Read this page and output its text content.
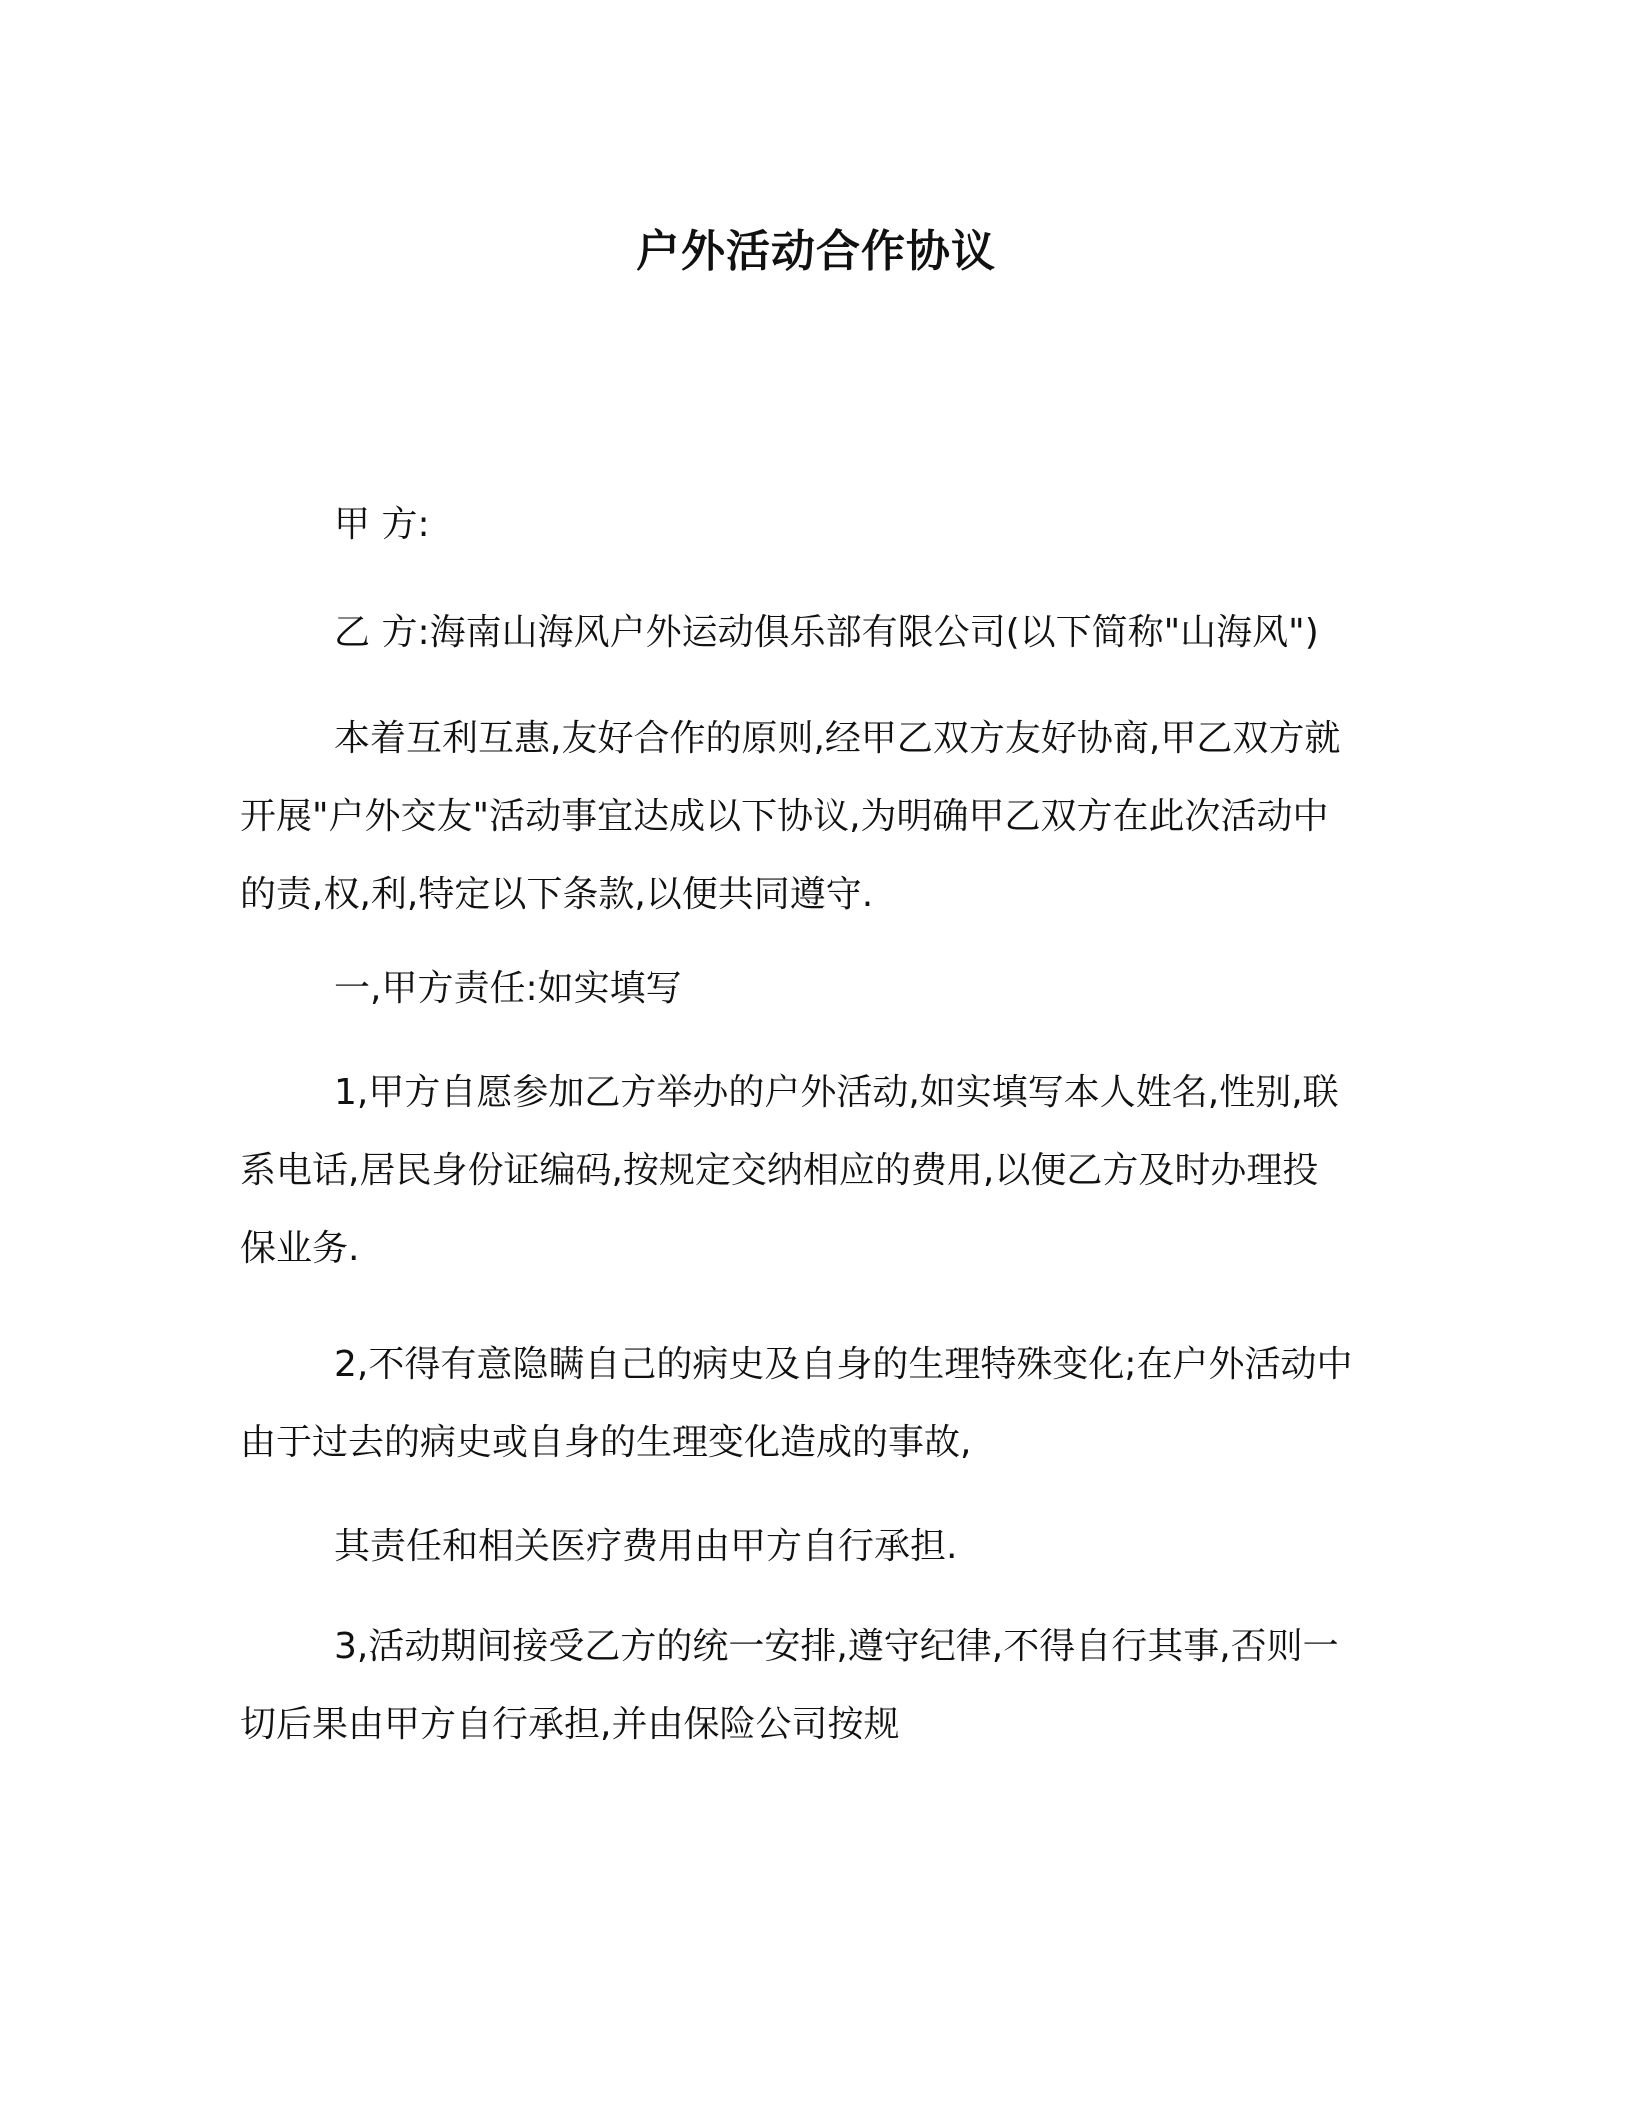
户外活动合作协议

甲 方:

乙 方:海南山海风户外运动俱乐部有限公司(以下简称"山海风")

本着互利互惠,友好合作的原则,经甲乙双方友好协商,甲乙双方就
开展"户外交友"活动事宜达成以下协议,为明确甲乙双方在此次活动中
的责,权,利,特定以下条款,以便共同遵守.

一,甲方责任:如实填写

1,甲方自愿参加乙方举办的户外活动,如实填写本人姓名,性别,联
系电话,居民身份证编码,按规定交纳相应的费用,以便乙方及时办理投
保业务.
2,不得有意隐瞒自己的病史及自身的生理特殊变化;在户外活动中
由于过去的病史或自身的生理变化造成的事故,

其责任和相关医疗费用由甲方自行承担.

3,活动期间接受乙方的统一安排,遵守纪律,不得自行其事,否则一
切后果由甲方自行承担,并由保险公司按规
